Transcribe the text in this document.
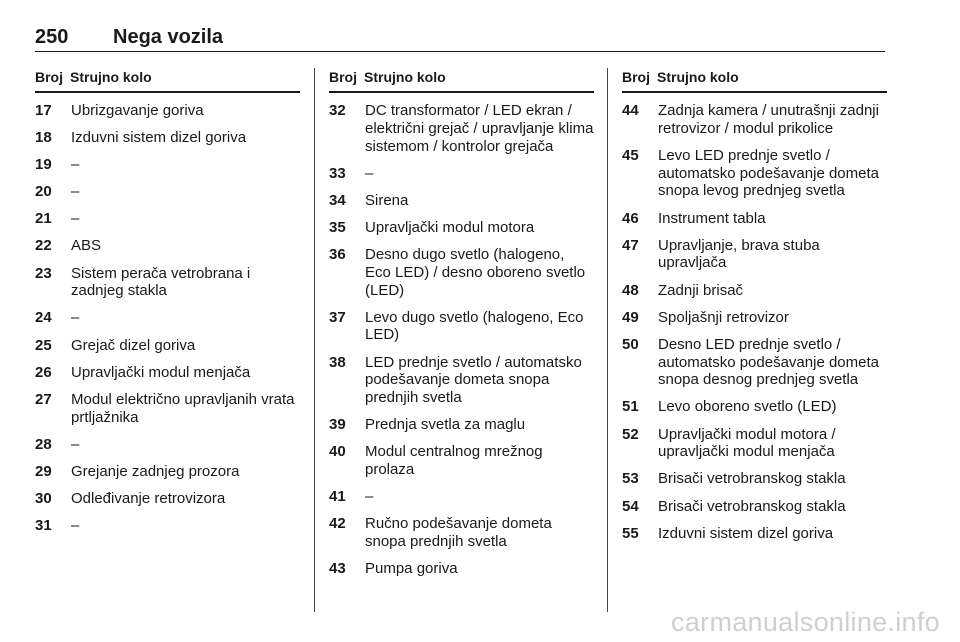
250 Nega vozila
Broj Strujno kolo
17 Ubrizgavanje goriva
18 Izduvni sistem dizel goriva
19 –
20 –
21 –
22 ABS
23 Sistem perača vetrobrana i zadnjeg stakla
24 –
25 Grejač dizel goriva
26 Upravljački modul menjača
27 Modul električno upravljanih vrata prtljažnika
28 –
29 Grejanje zadnjeg prozora
30 Odleđivanje retrovizora
31 –
Broj Strujno kolo
32 DC transformator / LED ekran / električni grejač / upravljanje klima sistemom / kontrolor grejača
33 –
34 Sirena
35 Upravljački modul motora
36 Desno dugo svetlo (halogeno, Eco LED) / desno oboreno svetlo (LED)
37 Levo dugo svetlo (halogeno, Eco LED)
38 LED prednje svetlo / automatsko podešavanje dometa snopa prednjih svetla
39 Prednja svetla za maglu
40 Modul centralnog mrežnog prolaza
41 –
42 Ručno podešavanje dometa snopa prednjih svetla
43 Pumpa goriva
Broj Strujno kolo
44 Zadnja kamera / unutrašnji zadnji retrovizor / modul prikolice
45 Levo LED prednje svetlo / automatsko podešavanje dometa snopa levog prednjeg svetla
46 Instrument tabla
47 Upravljanje, brava stuba upravljača
48 Zadnji brisač
49 Spoljašnji retrovizor
50 Desno LED prednje svetlo / automatsko podešavanje dometa snopa desnog prednjeg svetla
51 Levo oboreno svetlo (LED)
52 Upravljački modul motora / upravljački modul menjača
53 Brisači vetrobranskog stakla
54 Brisači vetrobranskog stakla
55 Izduvni sistem dizel goriva
carmanualsonline.info
